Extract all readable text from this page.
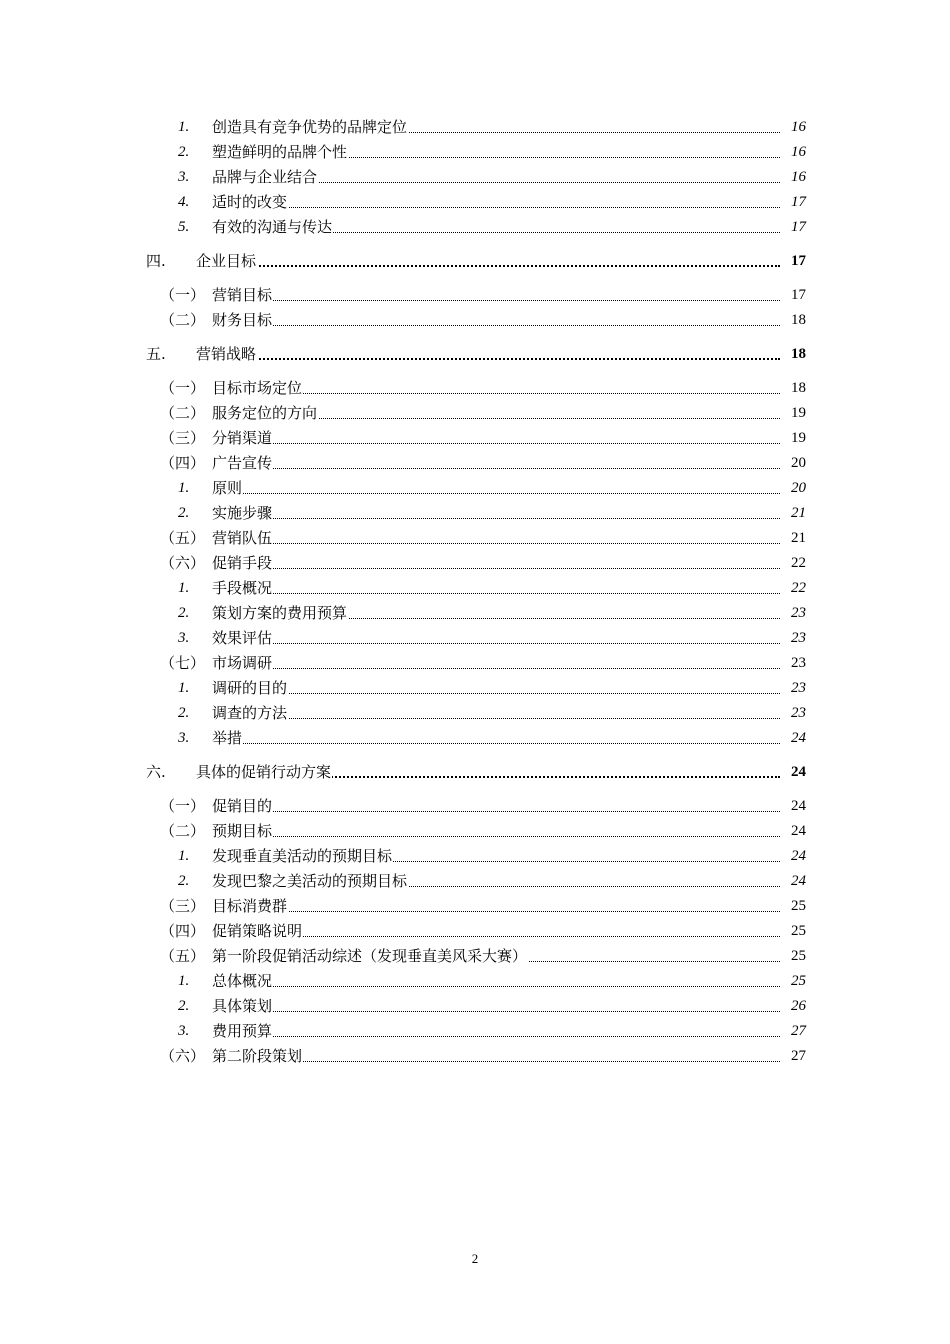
1. 创造具有竞争优势的品牌定位	16
2. 塑造鲜明的品牌个性	16
3. 品牌与企业结合	16
4. 适时的改变	17
5. 有效的沟通与传达	17
四. 企业目标	17
（一） 营销目标	17
（二） 财务目标	18
五. 营销战略	18
（一） 目标市场定位	18
（二） 服务定位的方向	19
（三） 分销渠道	19
（四） 广告宣传	20
1. 原则	20
2. 实施步骤	21
（五） 营销队伍	21
（六） 促销手段	22
1. 手段概况	22
2. 策划方案的费用预算	23
3. 效果评估	23
（七） 市场调研	23
1. 调研的目的	23
2. 调查的方法	23
3. 举措	24
六. 具体的促销行动方案	24
（一） 促销目的	24
（二） 预期目标	24
1. 发现垂直美活动的预期目标	24
2. 发现巴黎之美活动的预期目标	24
（三） 目标消费群	25
（四） 促销策略说明	25
（五） 第一阶段促销活动综述（发现垂直美风采大赛）	25
1. 总体概况	25
2. 具体策划	26
3. 费用预算	27
（六） 第二阶段策划	27
2
